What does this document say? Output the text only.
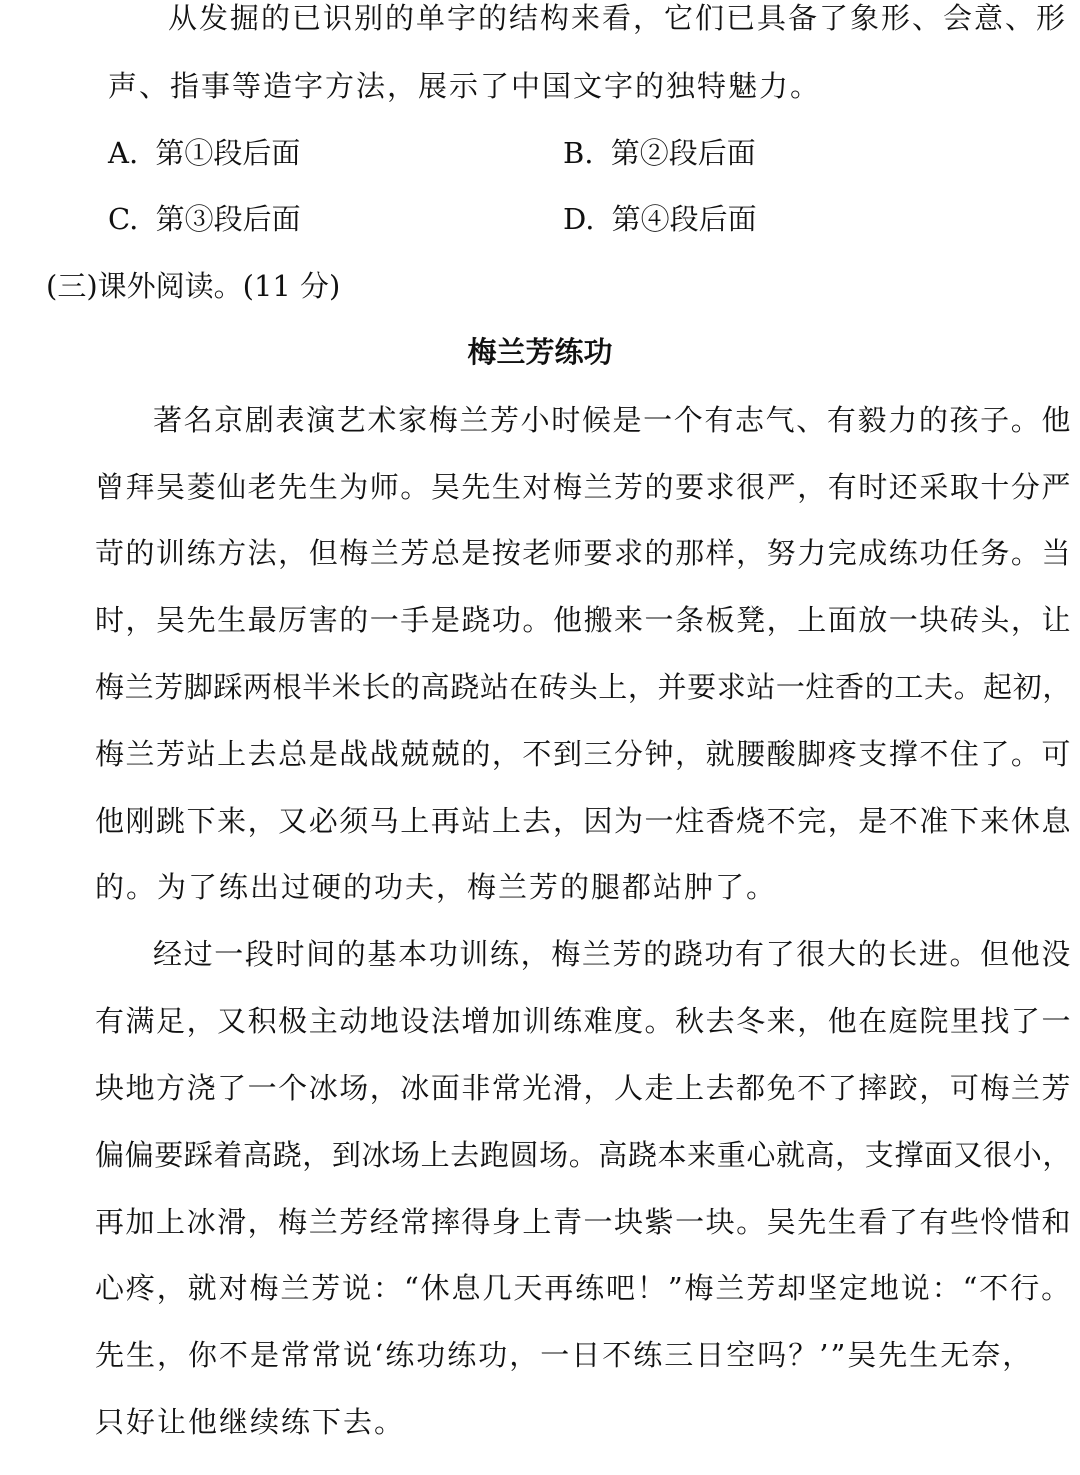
从发掘的已识别的单字的结构来看，它们已具备了象形、会意、形
声、指事等造字方法，展示了中国文字的独特魅力。
A. 第①段后面	B. 第②段后面
C. 第③段后面	D. 第④段后面
(三)课外阅读。(11 分)
梅兰芳练功
著名京剧表演艺术家梅兰芳小时候是一个有志气、有毅力的孩子。他
曾拜吴菱仙老先生为师。吴先生对梅兰芳的要求很严，有时还采取十分严
苛的训练方法，但梅兰芳总是按老师要求的那样，努力完成练功任务。当
时，吴先生最厉害的一手是跷功。他搬来一条板凳，上面放一块砖头，让
梅兰芳脚踩两根半米长的高跷站在砖头上，并要求站一炷香的工夫。起初，
梅兰芳站上去总是战战兢兢的，不到三分钟，就腰酸脚疼支撑不住了。可
他刚跳下来，又必须马上再站上去，因为一炷香烧不完，是不准下来休息
的。为了练出过硬的功夫，梅兰芳的腿都站肿了。
经过一段时间的基本功训练，梅兰芳的跷功有了很大的长进。但他没
有满足，又积极主动地设法增加训练难度。秋去冬来，他在庭院里找了一
块地方浇了一个冰场，冰面非常光滑，人走上去都免不了摔跤，可梅兰芳
偏偏要踩着高跷，到冰场上去跑圆场。高跷本来重心就高，支撑面又很小，
再加上冰滑，梅兰芳经常摔得身上青一块紫一块。吴先生看了有些怜惜和
心疼，就对梅兰芳说：“休息几天再练吧！”梅兰芳却坚定地说：“不行。
先生，你不是常常说‘练功练功，一日不练三日空吗？’”吴先生无奈，
只好让他继续练下去。
